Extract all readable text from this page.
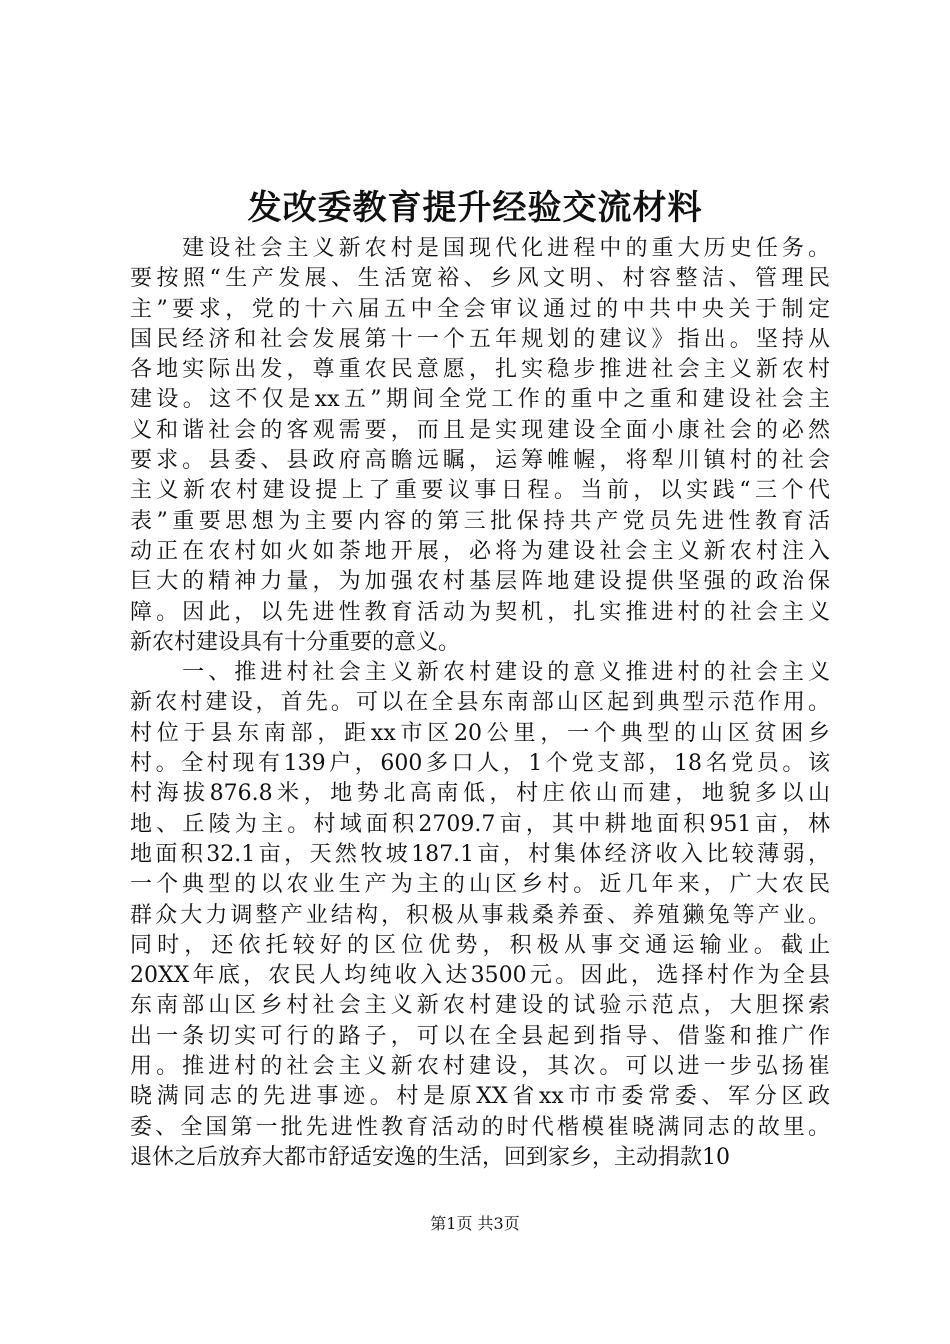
发改委教育提升经验交流材料
　　建设社会主义新农村是国现代化进程中的重大历史任务。
要按照“生产发展、生活宽裕、乡风文明、村容整洁、管理民
主”要求，党的十六届五中全会审议通过的中共中央关于制定
国民经济和社会发展第十一个五年规划的建议》指出。坚持从
各地实际出发，尊重农民意愿，扎实稳步推进社会主义新农村
建设。这不仅是xx五”期间全党工作的重中之重和建设社会主
义和谐社会的客观需要，而且是实现建设全面小康社会的必然
要求。县委、县政府高瞻远瞩，运筹帷幄，将犁川镇村的社会
主义新农村建设提上了重要议事日程。当前，以实践“三个代
表”重要思想为主要内容的第三批保持共产党员先进性教育活
动正在农村如火如荼地开展，必将为建设社会主义新农村注入
巨大的精神力量，为加强农村基层阵地建设提供坚强的政治保
障。因此，以先进性教育活动为契机，扎实推进村的社会主义
新农村建设具有十分重要的意义。
　　一、推进村社会主义新农村建设的意义推进村的社会主义
新农村建设，首先。可以在全县东南部山区起到典型示范作用。
村位于县东南部，距xx市区20公里，一个典型的山区贫困乡
村。全村现有139户，600多口人，1个党支部，18名党员。该
村海拔876.8米，地势北高南低，村庄依山而建，地貌多以山
地、丘陵为主。村域面积2709.7亩，其中耕地面积951亩，林
地面积32.1亩，天然牧坡187.1亩，村集体经济收入比较薄弱，
一个典型的以农业生产为主的山区乡村。近几年来，广大农民
群众大力调整产业结构，积极从事栽桑养蚕、养殖獭兔等产业。
同时，还依托较好的区位优势，积极从事交通运输业。截止
20XX年底，农民人均纯收入达3500元。因此，选择村作为全县
东南部山区乡村社会主义新农村建设的试验示范点，大胆探索
出一条切实可行的路子，可以在全县起到指导、借鉴和推广作
用。推进村的社会主义新农村建设，其次。可以进一步弘扬崔
晓满同志的先进事迹。村是原XX省xx市市委常委、军分区政
委、全国第一批先进性教育活动的时代楷模崔晓满同志的故里。
退休之后放弃大都市舒适安逸的生活，回到家乡，主动捐款10
第1页 共3页
